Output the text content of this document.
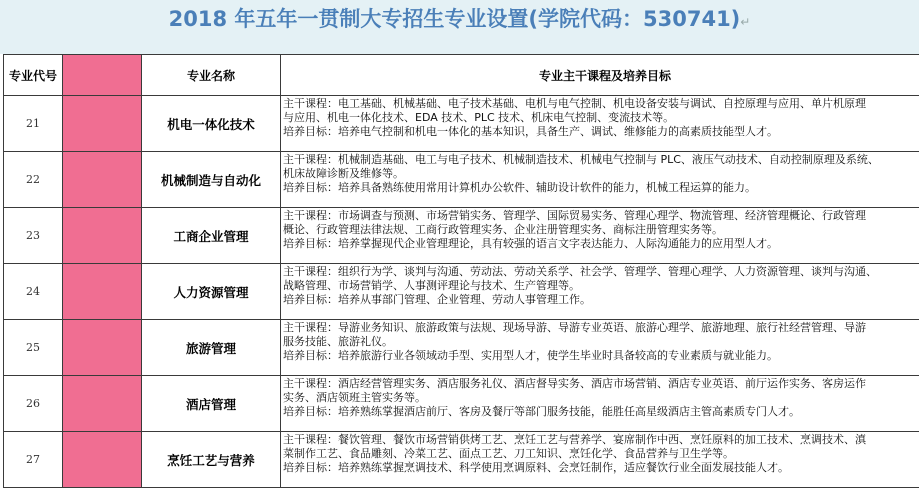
2018 年五年一贯制大专招生专业设置(学院代码：530741)↵
专业代号		专业名称	专业主干课程及培养目标
21		机电一体化技术	主干课程：电工基础、机械基础、电子技术基础、电机与电气控制、机电设备安装与调试、自控原理与应用、单片机原理
与应用、机电一体化技术、EDA 技术、PLC 技术、机床电气控制、变流技术等。
培养目标：培养电气控制和机电一体化的基本知识，具备生产、调试、维修能力的高素质技能型人才。

22		机械制造与自动化	主干课程：机械制造基础、电工与电子技术、机械制造技术、机械电气控制与 PLC、液压气动技术、自动控制原理及系统、
机床故障诊断及维修等。
培养目标：培养具备熟练使用常用计算机办公软件、辅助设计软件的能力，机械工程运算的能力。

23		工商企业管理	主干课程：市场调查与预测、市场营销实务、管理学、国际贸易实务、管理心理学、物流管理、经济管理概论、行政管理
概论、行政管理法律法规、工商行政管理实务、企业注册管理实务、商标注册管理实务等。
培养目标：培养掌握现代企业管理理论，具有较强的语言文字表达能力、人际沟通能力的应用型人才。

24		人力资源管理	主干课程：组织行为学、谈判与沟通、劳动法、劳动关系学、社会学、管理学、管理心理学、人力资源管理、谈判与沟通、
战略管理、市场营销学、人事测评理论与技术、生产管理等。
培养目标：培养从事部门管理、企业管理、劳动人事管理工作。

25		旅游管理	主干课程：导游业务知识、旅游政策与法规、现场导游、导游专业英语、旅游心理学、旅游地理、旅行社经营管理、导游
服务技能、旅游礼仪。
培养目标：培养旅游行业各领域动手型、实用型人才，使学生毕业时具备较高的专业素质与就业能力。

26		酒店管理	主干课程：酒店经营管理实务、酒店服务礼仪、酒店督导实务、酒店市场营销、酒店专业英语、前厅运作实务、客房运作
实务、酒店领班主管实务等。
培养目标：培养熟练掌握酒店前厅、客房及餐厅等部门服务技能，能胜任高星级酒店主管高素质专门人才。

27		烹饪工艺与营养	主干课程：餐饮管理、餐饮市场营销供烤工艺、烹饪工艺与营养学、宴席制作中西、烹饪原料的加工技术、烹调技术、滇
菜制作工艺、食品雕刻、冷菜工艺、面点工艺、刀工知识、烹饪化学、食品营养与卫生学等。
培养目标：培养熟练掌握烹调技术、科学使用烹调原料、会烹饪制作，适应餐饮行业全面发展技能人才。
